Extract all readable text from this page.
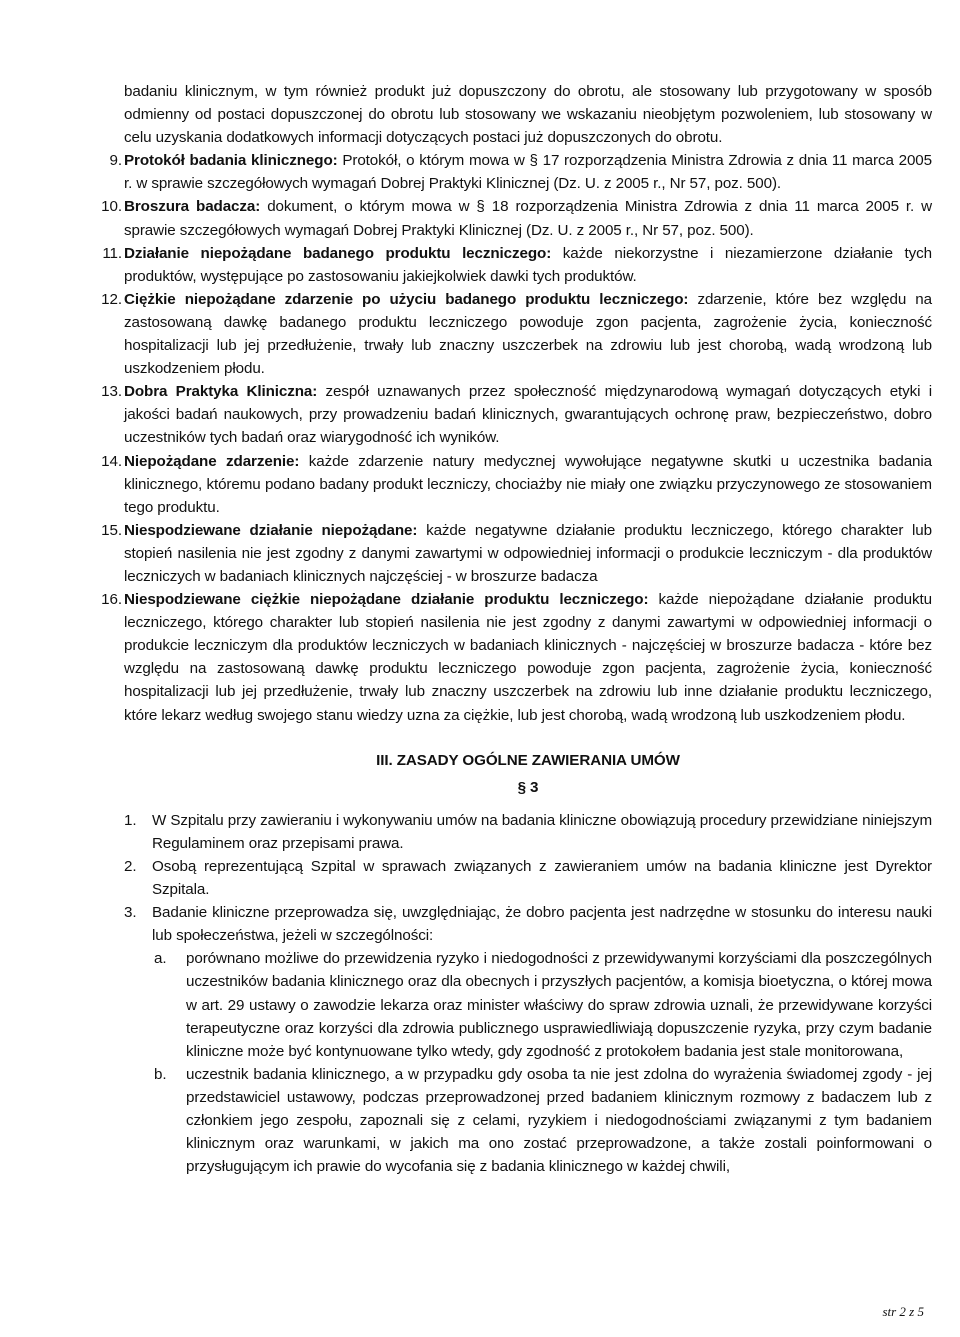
badaniu klinicznym, w tym również produkt już dopuszczony do obrotu, ale stosowany lub przygotowany w sposób odmienny od postaci dopuszczonej do obrotu lub stosowany we wskazaniu nieobjętym pozwoleniem, lub stosowany w celu uzyskania dodatkowych informacji dotyczących postaci już dopuszczonych do obrotu.

9. Protokół badania klinicznego: Protokół, o którym mowa w § 17 rozporządzenia Ministra Zdrowia z dnia 11 marca 2005 r. w sprawie szczegółowych wymagań Dobrej Praktyki Klinicznej (Dz. U. z 2005 r., Nr 57, poz. 500).

10. Broszura badacza: dokument, o którym mowa w § 18 rozporządzenia Ministra Zdrowia z dnia 11 marca 2005 r. w sprawie szczegółowych wymagań Dobrej Praktyki Klinicznej (Dz. U. z 2005 r., Nr 57, poz. 500).

11. Działanie niepożądane badanego produktu leczniczego: każde niekorzystne i niezamierzone działanie tych produktów, występujące po zastosowaniu jakiejkolwiek dawki tych produktów.

12. Ciężkie niepożądane zdarzenie po użyciu badanego produktu leczniczego: zdarzenie, które bez względu na zastosowaną dawkę badanego produktu leczniczego powoduje zgon pacjenta, zagrożenie życia, konieczność hospitalizacji lub jej przedłużenie, trwały lub znaczny uszczerbek na zdrowiu lub jest chorobą, wadą wrodzoną lub uszkodzeniem płodu.

13. Dobra Praktyka Kliniczna: zespół uznawanych przez społeczność międzynarodową wymagań dotyczących etyki i jakości badań naukowych, przy prowadzeniu badań klinicznych, gwarantujących ochronę praw, bezpieczeństwo, dobro uczestników tych badań oraz wiarygodność ich wyników.

14. Niepożądane zdarzenie: każde zdarzenie natury medycznej wywołujące negatywne skutki u uczestnika badania klinicznego, któremu podano badany produkt leczniczy, chociażby nie miały one związku przyczynowego ze stosowaniem tego produktu.

15. Niespodziewane działanie niepożądane: każde negatywne działanie produktu leczniczego, którego charakter lub stopień nasilenia nie jest zgodny z danymi zawartymi w odpowiedniej informacji o produkcie leczniczym - dla produktów leczniczych w badaniach klinicznych najczęściej - w broszurze badacza

16. Niespodziewane ciężkie niepożądane działanie produktu leczniczego: każde niepożądane działanie produktu leczniczego, którego charakter lub stopień nasilenia nie jest zgodny z danymi zawartymi w odpowiedniej informacji o produkcie leczniczym dla produktów leczniczych w badaniach klinicznych - najczęściej w broszurze badacza - które bez względu na zastosowaną dawkę produktu leczniczego powoduje zgon pacjenta, zagrożenie życia, konieczność hospitalizacji lub jej przedłużenie, trwały lub znaczny uszczerbek na zdrowiu lub inne działanie produktu leczniczego, które lekarz według swojego stanu wiedzy uzna za ciężkie, lub jest chorobą, wadą wrodzoną lub uszkodzeniem płodu.

III. ZASADY OGÓLNE ZAWIERANIA UMÓW
§ 3

1.	W Szpitalu przy zawieraniu i wykonywaniu umów na badania kliniczne obowiązują procedury przewidziane niniejszym Regulaminem oraz przepisami prawa.

2.	Osobą reprezentującą Szpital w sprawach związanych z zawieraniem umów na badania kliniczne jest Dyrektor Szpitala.

3.	Badanie kliniczne przeprowadza się, uwzględniając, że dobro pacjenta jest nadrzędne w stosunku do interesu nauki lub społeczeństwa, jeżeli w szczególności:

a.	porównano możliwe do przewidzenia ryzyko i niedogodności z przewidywanymi korzyściami dla poszczególnych uczestników badania klinicznego oraz dla obecnych i przyszłych pacjentów, a komisja bioetyczna, o której mowa w art. 29 ustawy o zawodzie lekarza oraz minister właściwy do spraw zdrowia uznali, że przewidywane korzyści terapeutyczne oraz korzyści dla zdrowia publicznego usprawiedliwiają dopuszczenie ryzyka, przy czym badanie kliniczne może być kontynuowane tylko wtedy, gdy zgodność z protokołem badania jest stale monitorowana,

b.	uczestnik badania klinicznego, a w przypadku gdy osoba ta nie jest zdolna do wyrażenia świadomej zgody - jej przedstawiciel ustawowy, podczas przeprowadzonej przed badaniem klinicznym rozmowy z badaczem lub z członkiem jego zespołu, zapoznali się z celami, ryzykiem i niedogodnościami związanymi z tym badaniem klinicznym oraz warunkami, w jakich ma ono zostać przeprowadzone, a także zostali poinformowani o przysługującym ich prawie do wycofania się z badania klinicznego w każdej chwili,

str 2 z 5
